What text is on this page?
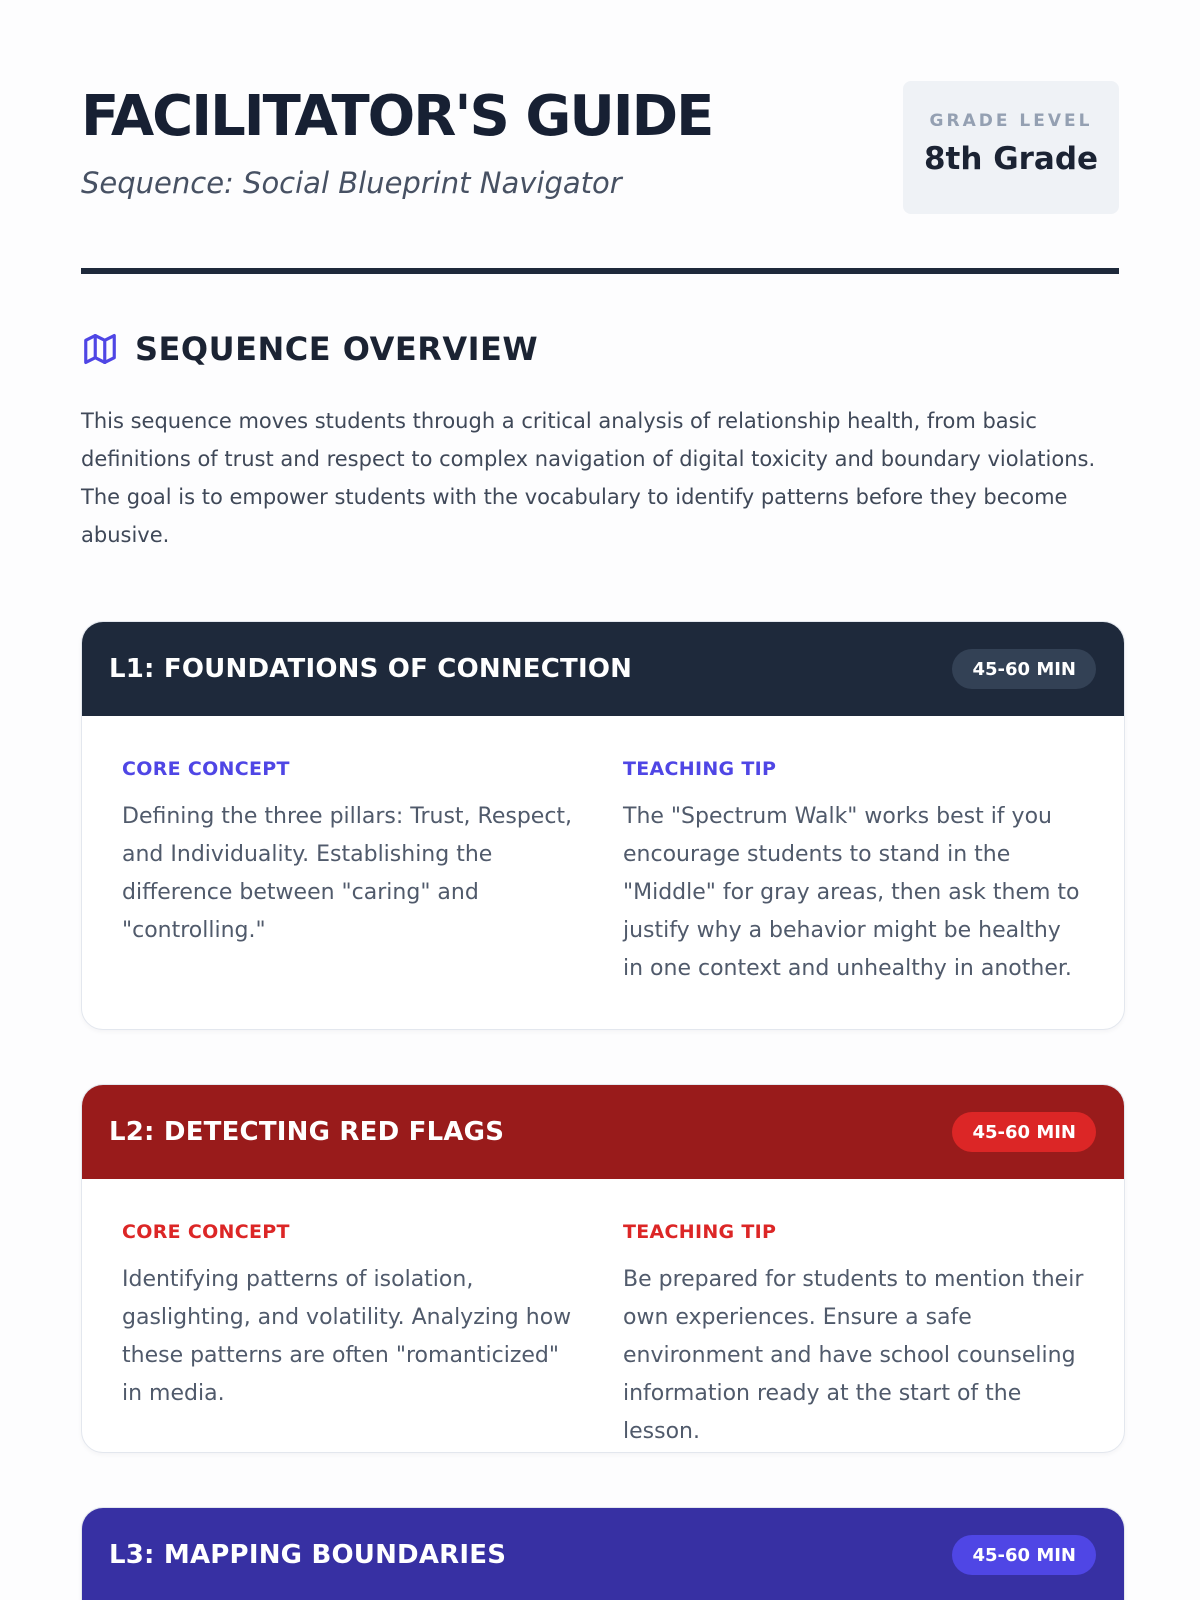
FACILITATOR'S GUIDE
Sequence: Social Blueprint Navigator
GRADE LEVEL
8th Grade
SEQUENCE OVERVIEW

This sequence moves students through a critical analysis of relationship health, from basic definitions of trust and respect to complex navigation of digital toxicity and boundary violations. The goal is to empower students with the vocabulary to identify patterns before they become abusive.

L1: FOUNDATIONS OF CONNECTION	45-60 MIN
CORE CONCEPT
Defining the three pillars: Trust, Respect, and Individuality. Establishing the difference between "caring" and "controlling."
TEACHING TIP
The "Spectrum Walk" works best if you encourage students to stand in the "Middle" for gray areas, then ask them to justify why a behavior might be healthy in one context and unhealthy in another.
L2: DETECTING RED FLAGS	45-60 MIN
CORE CONCEPT
Identifying patterns of isolation, gaslighting, and volatility. Analyzing how these patterns are often "romanticized" in media.
TEACHING TIP
Be prepared for students to mention their own experiences. Ensure a safe environment and have school counseling information ready at the start of the lesson.
L3: MAPPING BOUNDARIES	45-60 MIN
